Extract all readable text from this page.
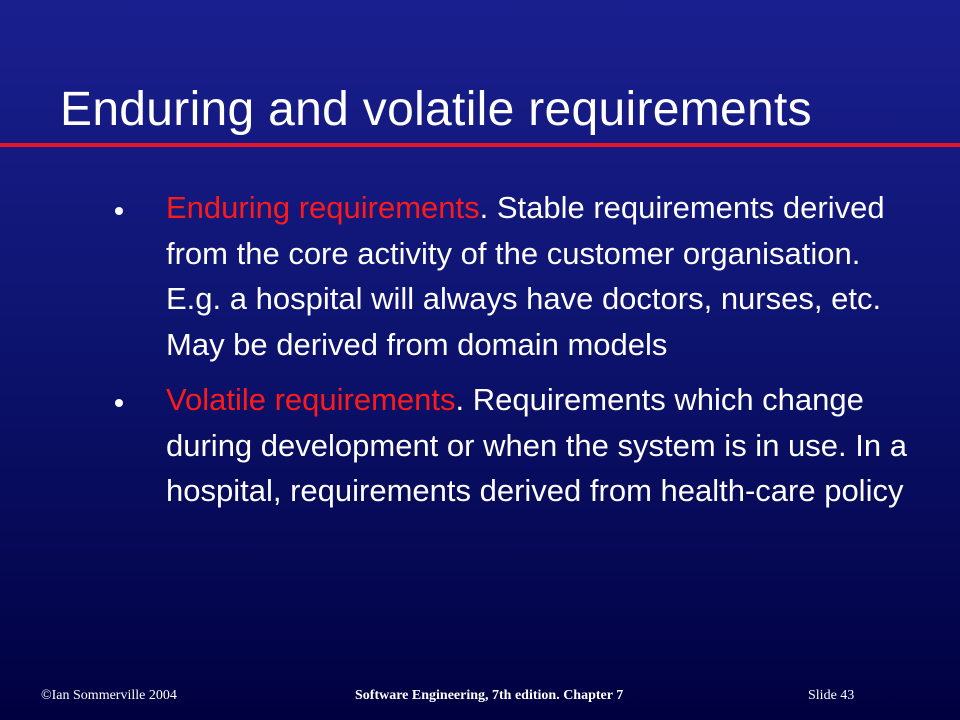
Enduring and volatile requirements
Enduring requirements. Stable requirements derived from the core activity of the customer organisation. E.g. a hospital will always have doctors, nurses, etc. May be derived from domain models
Volatile requirements. Requirements which change during development or when the system is in use. In a hospital, requirements derived from health-care policy
©Ian Sommerville 2004	Software Engineering, 7th edition. Chapter 7	Slide 43
